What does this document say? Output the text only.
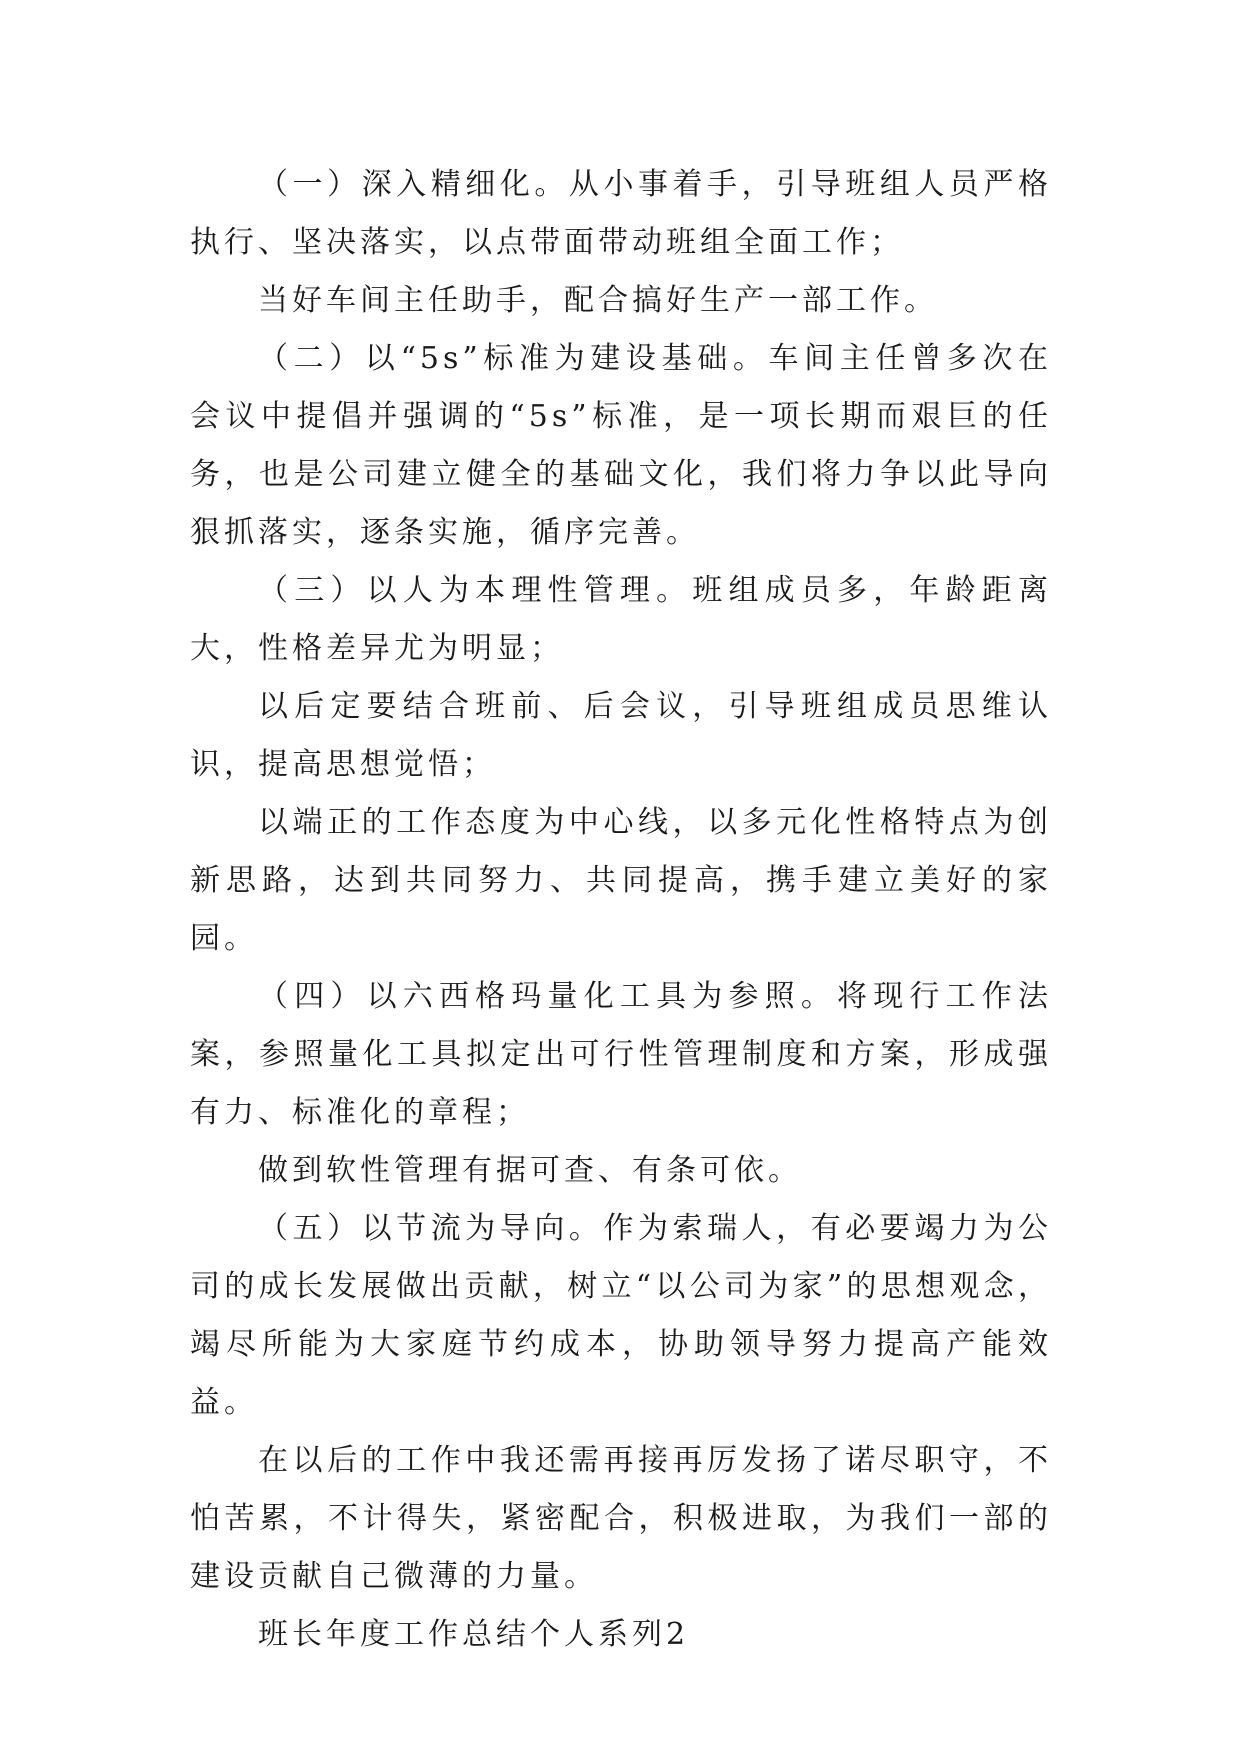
（一）深入精细化。从小事着手，引导班组人员严格执行、坚决落实，以点带面带动班组全面工作；

当好车间主任助手，配合搞好生产一部工作。

（二）以“5s”标准为建设基础。车间主任曾多次在会议中提倡并强调的“5s”标准，是一项长期而艰巨的任务，也是公司建立健全的基础文化，我们将力争以此导向狠抓落实，逐条实施，循序完善。

（三）以人为本理性管理。班组成员多，年龄距离大，性格差异尤为明显；

以后定要结合班前、后会议，引导班组成员思维认识，提高思想觉悟；

以端正的工作态度为中心线，以多元化性格特点为创新思路，达到共同努力、共同提高，携手建立美好的家园。

（四）以六西格玛量化工具为参照。将现行工作法案，参照量化工具拟定出可行性管理制度和方案，形成强有力、标准化的章程；

做到软性管理有据可查、有条可依。

（五）以节流为导向。作为索瑞人，有必要竭力为公司的成长发展做出贡献，树立“以公司为家”的思想观念，竭尽所能为大家庭节约成本，协助领导努力提高产能效益。

在以后的工作中我还需再接再厉发扬了诺尽职守，不怕苦累，不计得失，紧密配合，积极进取，为我们一部的建设贡献自己微薄的力量。

班长年度工作总结个人系列2
